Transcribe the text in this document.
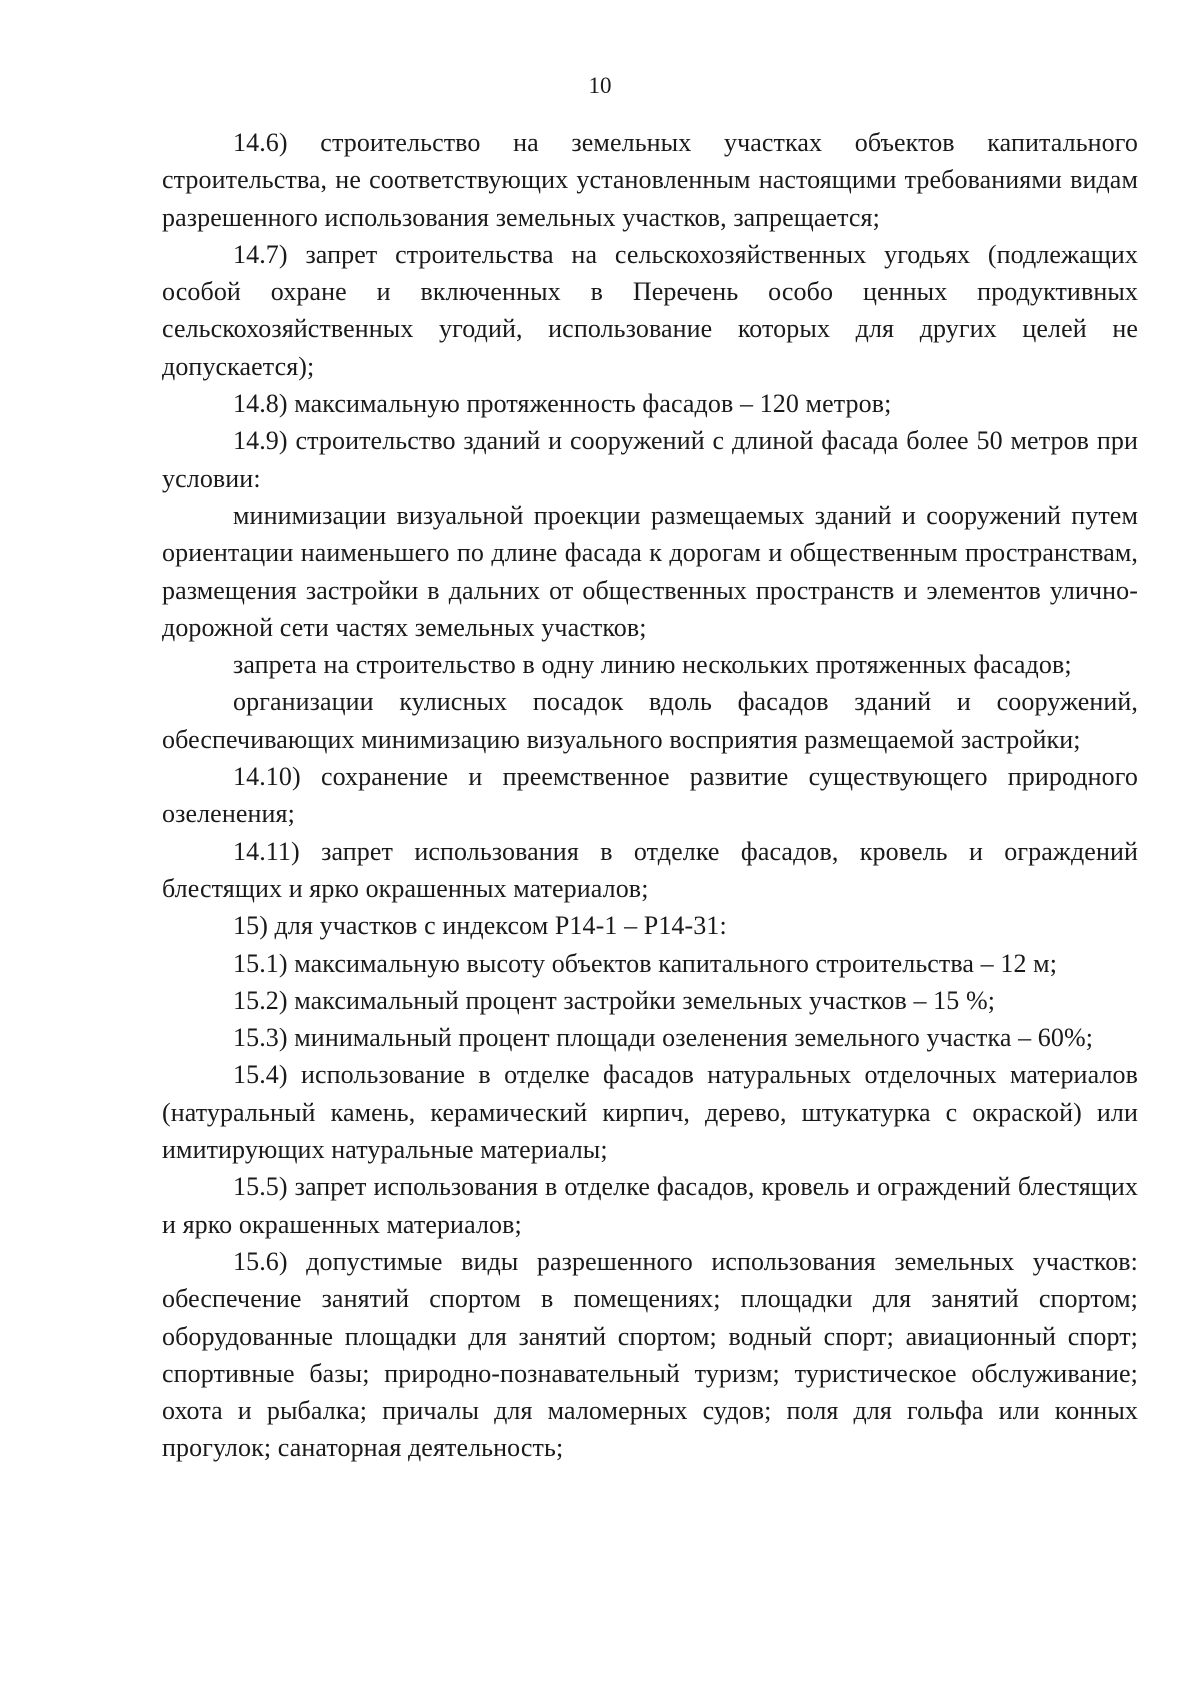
10

14.6) строительство на земельных участках объектов капитального строительства, не соответствующих установленным настоящими требованиями видам разрешенного использования земельных участков, запрещается;

14.7) запрет строительства на сельскохозяйственных угодьях (подлежащих особой охране и включенных в Перечень особо ценных продуктивных сельскохозяйственных угодий, использование которых для других целей не допускается);

14.8) максимальную протяженность фасадов – 120 метров;

14.9) строительство зданий и сооружений с длиной фасада более 50 метров при условии:

минимизации визуальной проекции размещаемых зданий и сооружений путем ориентации наименьшего по длине фасада к дорогам и общественным пространствам, размещения застройки в дальних от общественных пространств и элементов улично-дорожной сети частях земельных участков;

запрета на строительство в одну линию нескольких протяженных фасадов;

организации кулисных посадок вдоль фасадов зданий и сооружений, обеспечивающих минимизацию визуального восприятия размещаемой застройки;

14.10) сохранение и преемственное развитие существующего природного озеленения;

14.11) запрет использования в отделке фасадов, кровель и ограждений блестящих и ярко окрашенных материалов;

15) для участков с индексом Р14-1 – Р14-31:

15.1) максимальную высоту объектов капитального строительства – 12 м;

15.2) максимальный процент застройки земельных участков – 15 %;

15.3) минимальный процент площади озеленения земельного участка – 60%;

15.4) использование в отделке фасадов натуральных отделочных материалов (натуральный камень, керамический кирпич, дерево, штукатурка с окраской) или имитирующих натуральные материалы;

15.5) запрет использования в отделке фасадов, кровель и ограждений блестящих и ярко окрашенных материалов;

15.6) допустимые виды разрешенного использования земельных участков: обеспечение занятий спортом в помещениях; площадки для занятий спортом; оборудованные площадки для занятий спортом; водный спорт; авиационный спорт; спортивные базы; природно-познавательный туризм; туристическое обслуживание; охота и рыбалка; причалы для маломерных судов; поля для гольфа или конных прогулок; санаторная деятельность;
